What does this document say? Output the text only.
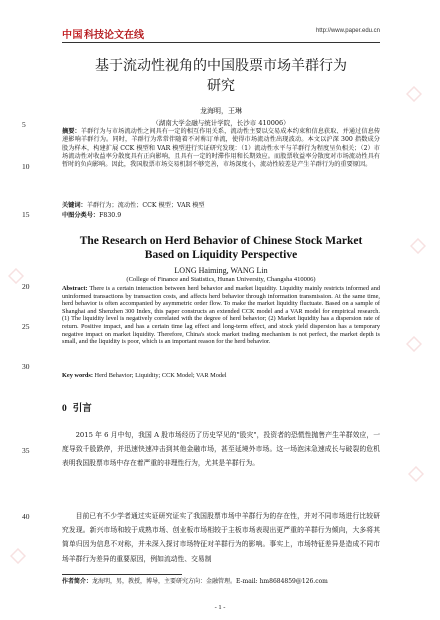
中国 科技论文在线	http://www.paper.edu.cn
5
10
15
20
25
30
35
40
基于流动性视角的中国股票市场羊群行为
研究
龙海明，王琳
（湖南大学金融与统计学院，长沙市 410006）
摘要：羊群行为与市场流动性之间具有一定的相互作用关系，流动性主要以交易成本约束和信息获取、并通过信息传递影响羊群行为。同时，羊群行为常常伴随着不对称订单流，使得市场流动性出现波动。本文以沪深 300 指数成分股为样本，构建扩展 CCK 模型和 VAR 模型进行实证研究发现：（1）流动性水平与羊群行为程度呈负相关；（2）市场流动性对收益率分散度具有正向影响，且具有一定的时滞作用和长期效应。而股票收益率分散度对市场流动性具有暂时的负向影响。因此，我国股票市场交易机制不够完善，市场深度小，流动性较差是产生羊群行为的重要原因。
关键词：羊群行为；流动性；CCK 模型；VAR 模型
中图分类号：F830.9
The Research on Herd Behavior of Chinese Stock Market
Based on Liquidity Perspective
LONG Haiming, WANG Lin
(College of Finance and Statistics, Hunan University, Changsha 410006)
Abstract: There is a certain interaction between herd behavior and market liquidity. Liquidity mainly restricts informed and uninformed transactions by transaction costs, and affects herd behavior through information transmission. At the same time, herd behavior is often accompanied by asymmetric order flow. To make the market liquidity fluctuate. Based on a sample of Shanghai and Shenzhen 300 Index, this paper constructs an extended CCK model and a VAR model for empirical research. (1) The liquidity level is negatively correlated with the degree of herd behavior; (2) Market liquidity has a dispersion rate of return. Positive impact, and has a certain time lag effect and long-term effect, and stock yield dispersion has a temporary negative impact on market liquidity. Therefore, China's stock market trading mechanism is not perfect, the market depth is small, and the liquidity is poor, which is an important reason for the herd behavior.
Key words: Herd Behavior; Liquidity; CCK Model; VAR Model
0 引言
2015 年 6 月中旬，我国 A 股市场经历了历史罕见的"股灾"，投资者的恐慌性抛售产生羊群效应，一度导致千股跌停，并迅速快速冲击到其他金融市场，甚至延境外市场。这一场泡沫急速成长与破裂的危机表明我国股票市场中存在着严重的非理性行为，尤其是羊群行为。
目前已有不少学者通过实证研究证实了我国股票市场中羊群行为的存在性，并对不同市场进行比较研究发现。新兴市场和较于成熟市场、创业板市场相较于主板市场表现出更严重的羊群行为倾向，大多将其简单归因为信息不对称，并未深入探讨市场特征对羊群行为的影响。事实上，市场特征差异是造成不同市场羊群行为差异的重要原因，例如流动性、交易制
作者简介：龙海明，男，教授，博导，主要研究方向：金融管理。E-mail: hm8684859@126.com
- 1 -
